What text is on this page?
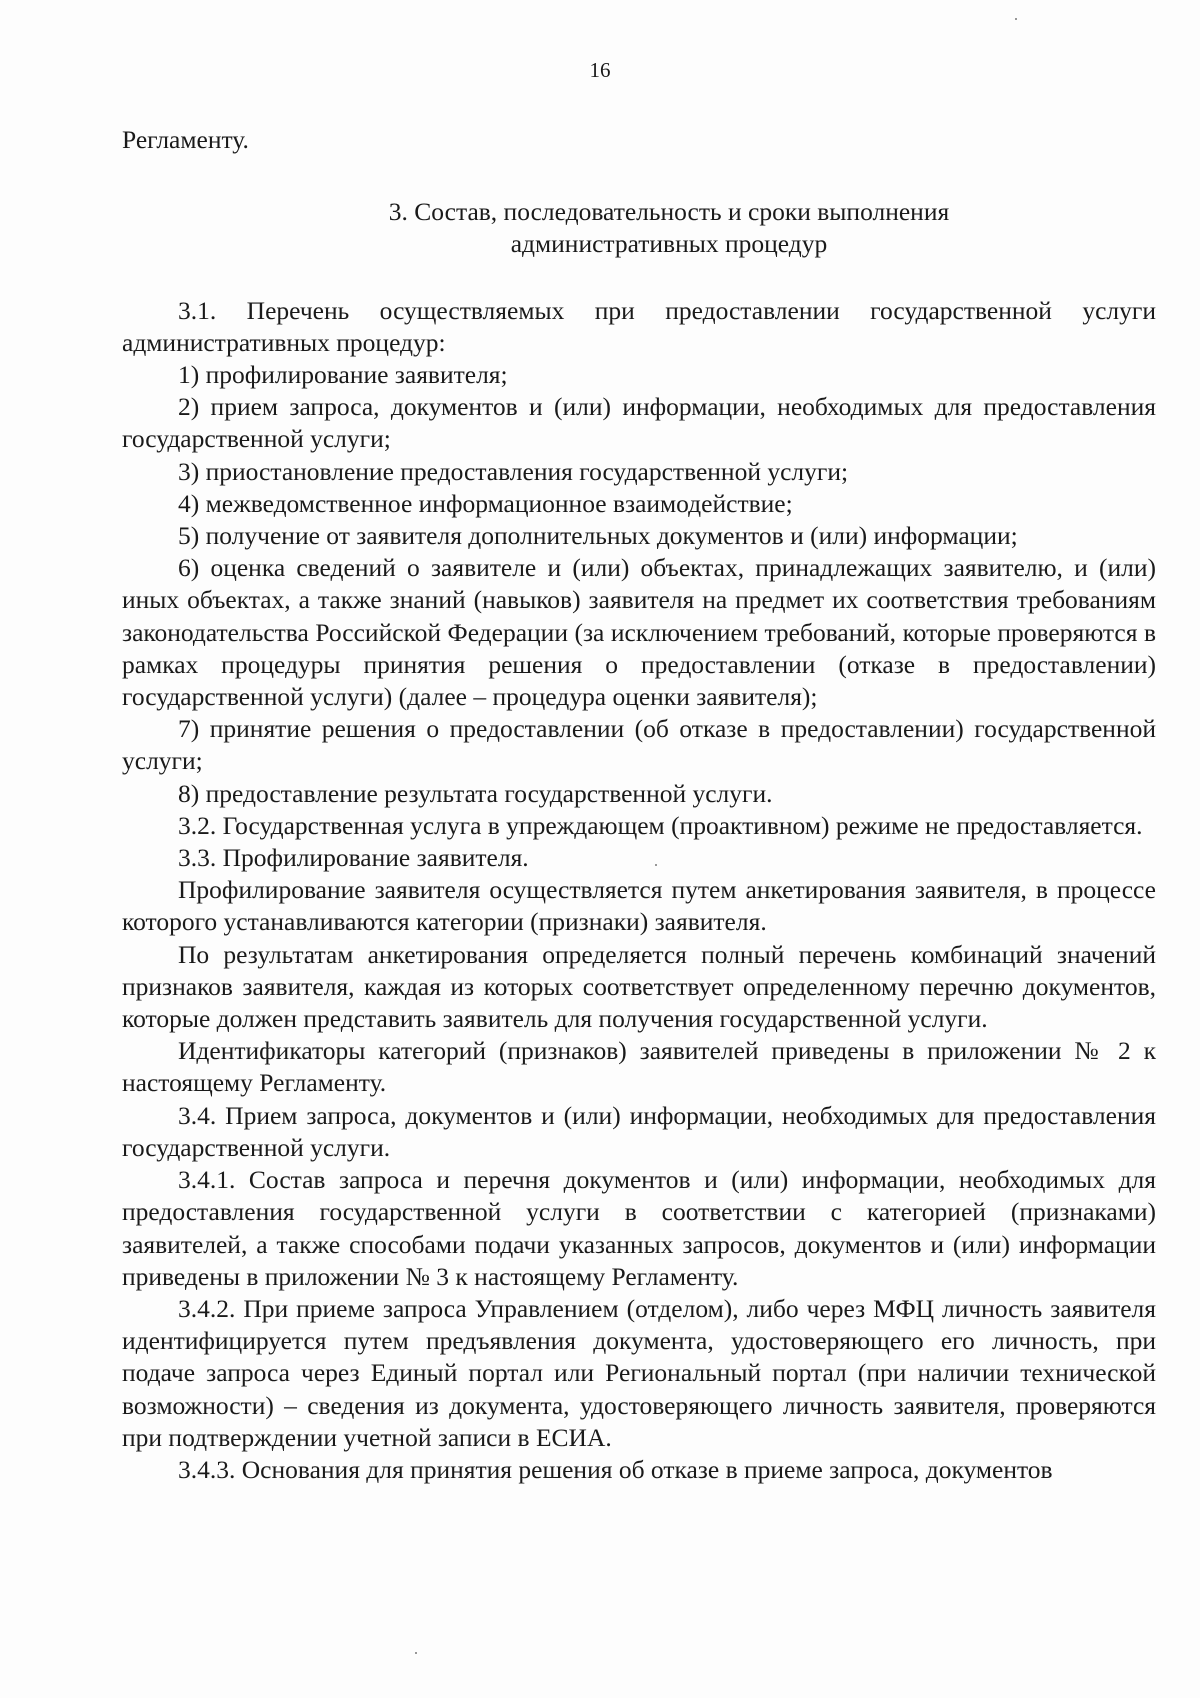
16

Регламенту.

3. Состав, последовательность и сроки выполнения
административных процедур

3.1. Перечень осуществляемых при предоставлении государственной услуги административных процедур:

1) профилирование заявителя;

2) прием запроса, документов и (или) информации, необходимых для предоставления государственной услуги;

3) приостановление предоставления государственной услуги;

4) межведомственное информационное взаимодействие;

5) получение от заявителя дополнительных документов и (или) информации;

6) оценка сведений о заявителе и (или) объектах, принадлежащих заявителю, и (или) иных объектах, а также знаний (навыков) заявителя на предмет их соответствия требованиям законодательства Российской Федерации (за исключением требований, которые проверяются в рамках процедуры принятия решения о предоставлении (отказе в предоставлении) государственной услуги) (далее – процедура оценки заявителя);

7) принятие решения о предоставлении (об отказе в предоставлении) государственной услуги;

8) предоставление результата государственной услуги.

3.2. Государственная услуга в упреждающем (проактивном) режиме не предоставляется.

3.3. Профилирование заявителя.

Профилирование заявителя осуществляется путем анкетирования заявителя, в процессе которого устанавливаются категории (признаки) заявителя.

По результатам анкетирования определяется полный перечень комбинаций значений признаков заявителя, каждая из которых соответствует определенному перечню документов, которые должен представить заявитель для получения государственной услуги.

Идентификаторы категорий (признаков) заявителей приведены в приложении № 2 к настоящему Регламенту.

3.4. Прием запроса, документов и (или) информации, необходимых для предоставления государственной услуги.

3.4.1. Состав запроса и перечня документов и (или) информации, необходимых для предоставления государственной услуги в соответствии с категорией (признаками) заявителей, а также способами подачи указанных запросов, документов и (или) информации приведены в приложении № 3 к настоящему Регламенту.

3.4.2. При приеме запроса Управлением (отделом), либо через МФЦ личность заявителя идентифицируется путем предъявления документа, удостоверяющего его личность, при подаче запроса через Единый портал или Региональный портал (при наличии технической возможности) – сведения из документа, удостоверяющего личность заявителя, проверяются при подтверждении учетной записи в ЕСИА.

3.4.3. Основания для принятия решения об отказе в приеме запроса, документов
